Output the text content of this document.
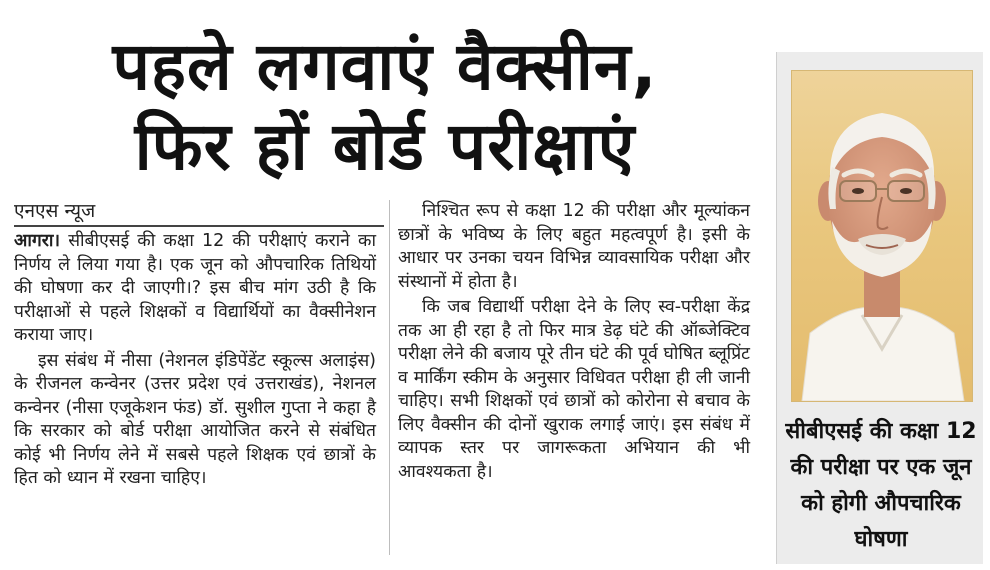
पहले लगवाएं वैक्सीन,
फिर हों बोर्ड परीक्षाएं
एनएस न्यूज

आगरा। सीबीएसई की कक्षा 12 की परीक्षाएं कराने का निर्णय ले लिया गया है। एक जून को औपचारिक तिथियों की घोषणा कर दी जाएगी।? इस बीच मांग उठी है कि परीक्षाओं से पहले शिक्षकों व विद्यार्थियों का वैक्सीनेशन कराया जाए।

इस संबंध में नीसा (नेशनल इंडिपेंडेंट स्कूल्स अलाइंस) के रीजनल कन्वेनर (उत्तर प्रदेश एवं उत्तराखंड), नेशनल कन्वेनर (नीसा एजूकेशन फंड) डॉ. सुशील गुप्ता ने कहा है कि सरकार को बोर्ड परीक्षा आयोजित करने से संबंधित कोई भी निर्णय लेने में सबसे पहले शिक्षक एवं छात्रों के हित को ध्यान में रखना चाहिए।

निश्चित रूप से कक्षा 12 की परीक्षा और मूल्यांकन छात्रों के भविष्य के लिए बहुत महत्वपूर्ण है। इसी के आधार पर उनका चयन विभिन्न व्यावसायिक परीक्षा और संस्थानों में होता है।

कि जब विद्यार्थी परीक्षा देने के लिए स्व-परीक्षा केंद्र तक आ ही रहा है तो फिर मात्र डेढ़ घंटे की ऑब्जेक्टिव परीक्षा लेने की बजाय पूरे तीन घंटे की पूर्व घोषित ब्लूप्रिंट व मार्किंग स्कीम के अनुसार विधिवत परीक्षा ही ली जानी चाहिए। सभी शिक्षकों एवं छात्रों को कोरोना से बचाव के लिए वैक्सीन की दोनों खुराक लगाई जाएं। इस संबंध में व्यापक स्तर पर जागरूकता अभियान की भी आवश्यकता है।

सीबीएसई की कक्षा 12 की परीक्षा पर एक जून को होगी औपचारिक घोषणा
